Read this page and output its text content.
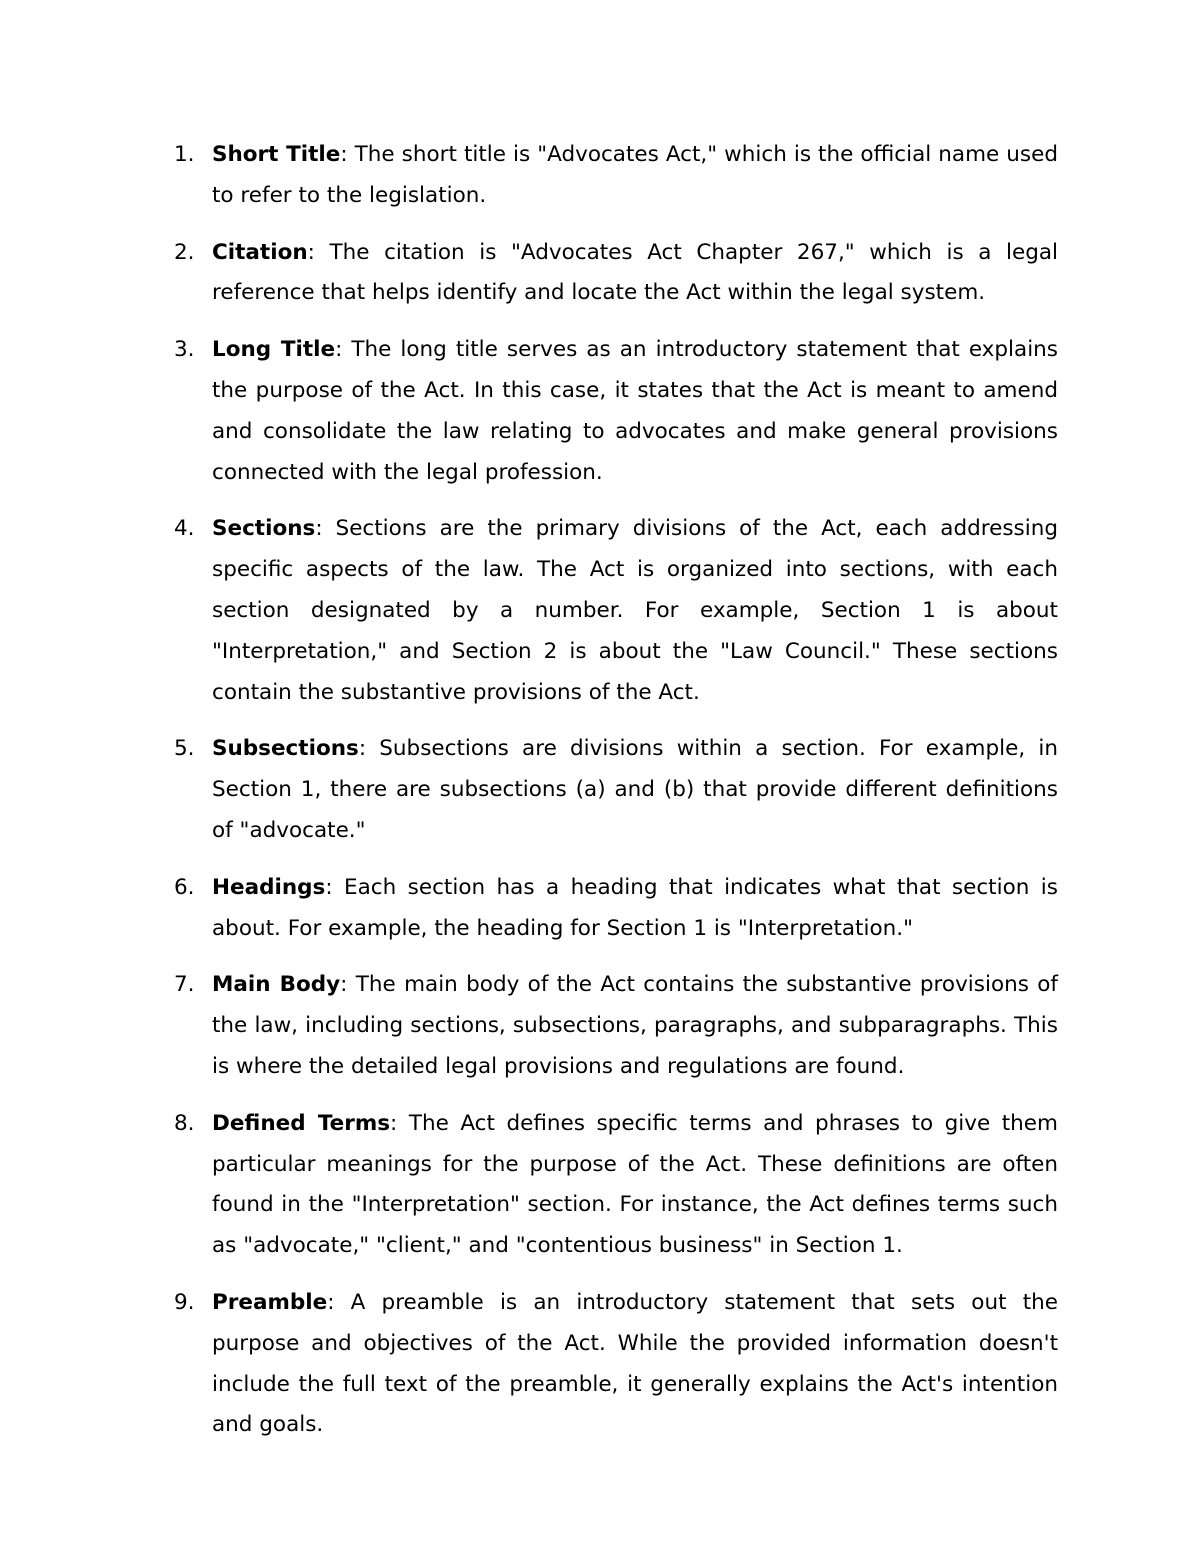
1. Short Title: The short title is "Advocates Act," which is the official name used to refer to the legislation.
2. Citation: The citation is "Advocates Act Chapter 267," which is a legal reference that helps identify and locate the Act within the legal system.
3. Long Title: The long title serves as an introductory statement that explains the purpose of the Act. In this case, it states that the Act is meant to amend and consolidate the law relating to advocates and make general provisions connected with the legal profession.
4. Sections: Sections are the primary divisions of the Act, each addressing specific aspects of the law. The Act is organized into sections, with each section designated by a number. For example, Section 1 is about "Interpretation," and Section 2 is about the "Law Council." These sections contain the substantive provisions of the Act.
5. Subsections: Subsections are divisions within a section. For example, in Section 1, there are subsections (a) and (b) that provide different definitions of "advocate."
6. Headings: Each section has a heading that indicates what that section is about. For example, the heading for Section 1 is "Interpretation."
7. Main Body: The main body of the Act contains the substantive provisions of the law, including sections, subsections, paragraphs, and subparagraphs. This is where the detailed legal provisions and regulations are found.
8. Defined Terms: The Act defines specific terms and phrases to give them particular meanings for the purpose of the Act. These definitions are often found in the "Interpretation" section. For instance, the Act defines terms such as "advocate," "client," and "contentious business" in Section 1.
9. Preamble: A preamble is an introductory statement that sets out the purpose and objectives of the Act. While the provided information doesn't include the full text of the preamble, it generally explains the Act's intention and goals.
